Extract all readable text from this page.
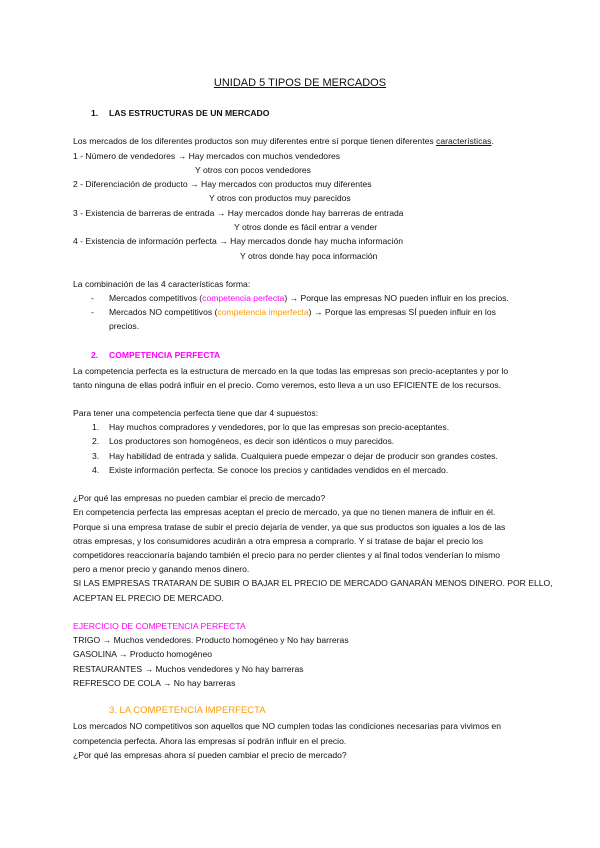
UNIDAD 5 TIPOS DE MERCADOS
1. LAS ESTRUCTURAS DE UN MERCADO
Los mercados de los diferentes productos son muy diferentes entre sí porque tienen diferentes características.
1 - Número de vendedores → Hay mercados con muchos vendedores
Y otros con pocos vendedores
2 - Diferenciación de producto → Hay mercados con productos muy diferentes
Y otros con productos muy parecidos
3 - Existencia de barreras de entrada → Hay mercados donde hay barreras de entrada
Y otros donde es fácil entrar a vender
4 - Existencia de información perfecta → Hay mercados donde hay mucha información
Y otros donde hay poca información
La combinación de las 4 características forma:
- Mercados competitivos (competencia perfecta) → Porque las empresas NO pueden influir en los precios.
- Mercados NO competitivos (competencia imperfecta) → Porque las empresas SÍ pueden influir en los
precios.
2. COMPETENCIA PERFECTA
La competencia perfecta es la estructura de mercado en la que todas las empresas son precio-aceptantes y por lo
tanto ninguna de ellas podrá influir en el precio. Como veremos, esto lleva a un uso EFICIENTE de los recursos.
Para tener una competencia perfecta tiene que dar 4 supuestos:
1. Hay muchos compradores y vendedores, por lo que las empresas son precio-aceptantes.
2. Los productores son homogéneos, es decir son idénticos o muy parecidos.
3. Hay habilidad de entrada y salida. Cualquiera puede empezar o dejar de producir son grandes costes.
4. Existe información perfecta. Se conoce los precios y cantidades vendidos en el mercado.
¿Por qué las empresas no pueden cambiar el precio de mercado?
En competencia perfecta las empresas aceptan el precio de mercado, ya que no tienen manera de influir en él.
Porque si una empresa tratase de subir el precio dejaría de vender, ya que sus productos son iguales a los de las
otras empresas, y los consumidores acudirán a otra empresa a comprarlo. Y si tratase de bajar el precio los
competidores reaccionaría bajando también el precio para no perder clientes y al final todos venderían lo mismo
pero a menor precio y ganando menos dinero.
SI LAS EMPRESAS TRATARAN DE SUBIR O BAJAR EL PRECIO DE MERCADO GANARÁN MENOS DINERO. POR ELLO,
ACEPTAN EL PRECIO DE MERCADO.
EJERCICIO DE COMPETENCIA PERFECTA
TRIGO → Muchos vendedores. Producto homogéneo y No hay barreras
GASOLINA → Producto homogéneo
RESTAURANTES → Muchos vendedores y No hay barreras
REFRESCO DE COLA → No hay barreras
3. LA COMPETENCIA IMPERFECTA
Los mercados NO competitivos son aquellos que NO cumplen todas las condiciones necesarias para vivimos en
competencia perfecta. Ahora las empresas sí podrán influir en el precio.
¿Por qué las empresas ahora sí pueden cambiar el precio de mercado?
